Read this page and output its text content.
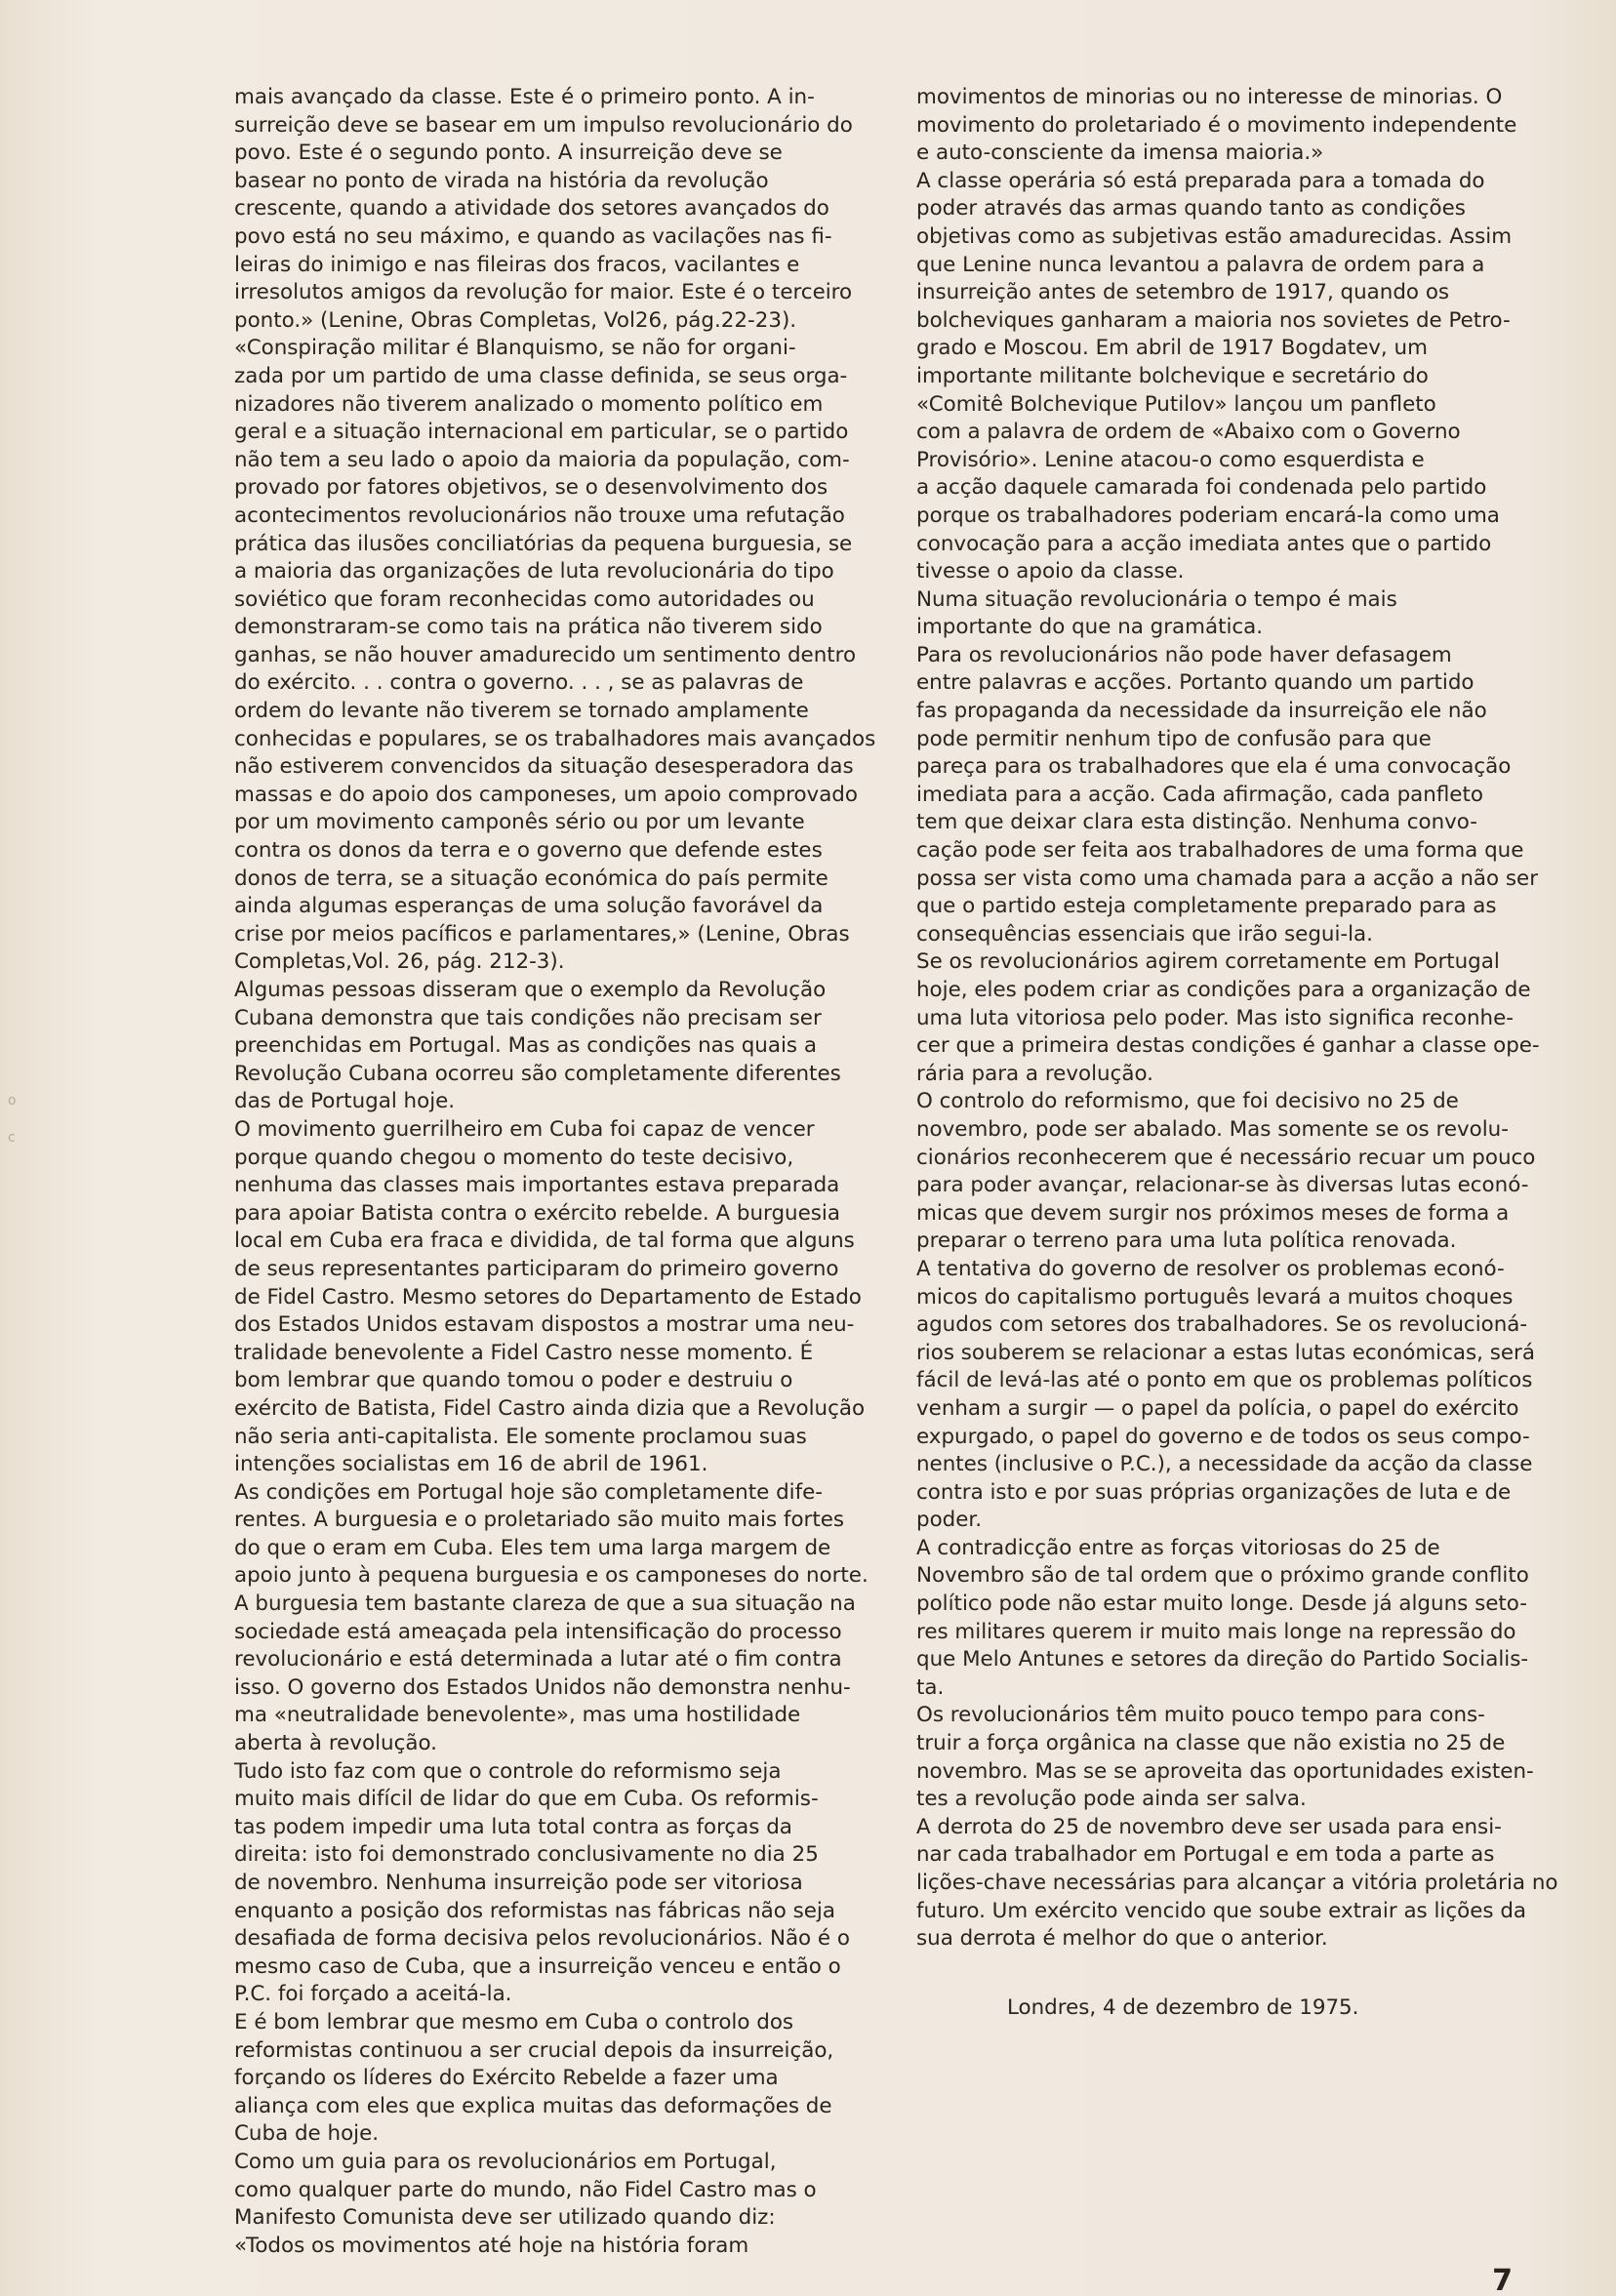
mais avançado da classe. Este é o primeiro ponto. A in-

surreição deve se basear em um impulso revolucionário do

povo. Este é o segundo ponto. A insurreição deve se

basear no ponto de virada na história da revolução

crescente, quando a atividade dos setores avançados do

povo está no seu máximo, e quando as vacilações nas fi-

leiras do inimigo e nas fileiras dos fracos, vacilantes e

irresolutos amigos da revolução for maior. Este é o terceiro

ponto.» (Lenine, Obras Completas, Vol26, pág.22-23).

«Conspiração militar é Blanquismo, se não for organi-

zada por um partido de uma classe definida, se seus orga-

nizadores não tiverem analizado o momento político em

geral e a situação internacional em particular, se o partido

não tem a seu lado o apoio da maioria da população, com-

provado por fatores objetivos, se o desenvolvimento dos

acontecimentos revolucionários não trouxe uma refutação

prática das ilusões conciliatórias da pequena burguesia, se

a maioria das organizações de luta revolucionária do tipo

soviético que foram reconhecidas como autoridades ou

demonstraram-se como tais na prática não tiverem sido

ganhas, se não houver amadurecido um sentimento dentro

do exército. . . contra o governo. . . , se as palavras de

ordem do levante não tiverem se tornado amplamente

conhecidas e populares, se os trabalhadores mais avançados

não estiverem convencidos da situação desesperadora das

massas e do apoio dos camponeses, um apoio comprovado

por um movimento camponês sério ou por um levante

contra os donos da terra e o governo que defende estes

donos de terra, se a situação económica do país permite

ainda algumas esperanças de uma solução favorável da

crise por meios pacíficos e parlamentares,» (Lenine, Obras

Completas,Vol. 26, pág. 212-3).

Algumas pessoas disseram que o exemplo da Revolução

Cubana demonstra que tais condições não precisam ser

preenchidas em Portugal. Mas as condições nas quais a

Revolução Cubana ocorreu são completamente diferentes

das de Portugal hoje.

O movimento guerrilheiro em Cuba foi capaz de vencer

porque quando chegou o momento do teste decisivo,

nenhuma das classes mais importantes estava preparada

para apoiar Batista contra o exército rebelde. A burguesia

local em Cuba era fraca e dividida, de tal forma que alguns

de seus representantes participaram do primeiro governo

de Fidel Castro. Mesmo setores do Departamento de Estado

dos Estados Unidos estavam dispostos a mostrar uma neu-

tralidade benevolente a Fidel Castro nesse momento. É

bom lembrar que quando tomou o poder e destruiu o

exército de Batista, Fidel Castro ainda dizia que a Revolução

não seria anti-capitalista. Ele somente proclamou suas

intenções socialistas em 16 de abril de 1961.

As condições em Portugal hoje são completamente dife-

rentes. A burguesia e o proletariado são muito mais fortes

do que o eram em Cuba. Eles tem uma larga margem de

apoio junto à pequena burguesia e os camponeses do norte.

A burguesia tem bastante clareza de que a sua situação na

sociedade está ameaçada pela intensificação do processo

revolucionário e está determinada a lutar até o fim contra

isso. O governo dos Estados Unidos não demonstra nenhu-

ma «neutralidade benevolente», mas uma hostilidade

aberta à revolução.

Tudo isto faz com que o controle do reformismo seja

muito mais difícil de lidar do que em Cuba. Os reformis-

tas podem impedir uma luta total contra as forças da

direita: isto foi demonstrado conclusivamente no dia 25

de novembro. Nenhuma insurreição pode ser vitoriosa

enquanto a posição dos reformistas nas fábricas não seja

desafiada de forma decisiva pelos revolucionários. Não é o

mesmo caso de Cuba, que a insurreição venceu e então o

P.C. foi forçado a aceitá-la.

E é bom lembrar que mesmo em Cuba o controlo dos

reformistas continuou a ser crucial depois da insurreição,

forçando os líderes do Exército Rebelde a fazer uma

aliança com eles que explica muitas das deformações de

Cuba de hoje.

Como um guia para os revolucionários em Portugal,

como qualquer parte do mundo, não Fidel Castro mas o

Manifesto Comunista deve ser utilizado quando diz:

«Todos os movimentos até hoje na história foram

movimentos de minorias ou no interesse de minorias. O

movimento do proletariado é o movimento independente

e auto-consciente da imensa maioria.»

A classe operária só está preparada para a tomada do

poder através das armas quando tanto as condições

objetivas como as subjetivas estão amadurecidas. Assim

que Lenine nunca levantou a palavra de ordem para a

insurreição antes de setembro de 1917, quando os

bolcheviques ganharam a maioria nos sovietes de Petro-

grado e Moscou. Em abril de 1917 Bogdatev, um

importante militante bolchevique e secretário do

«Comitê Bolchevique Putilov» lançou um panfleto

com a palavra de ordem de «Abaixo com o Governo

Provisório». Lenine atacou-o como esquerdista e

a acção daquele camarada foi condenada pelo partido

porque os trabalhadores poderiam encará-la como uma

convocação para a acção imediata antes que o partido

tivesse o apoio da classe.

Numa situação revolucionária o tempo é mais

importante do que na gramática.

Para os revolucionários não pode haver defasagem

entre palavras e acções. Portanto quando um partido

fas propaganda da necessidade da insurreição ele não

pode permitir nenhum tipo de confusão para que

pareça para os trabalhadores que ela é uma convocação

imediata para a acção. Cada afirmação, cada panfleto

tem que deixar clara esta distinção. Nenhuma convo-

cação pode ser feita aos trabalhadores de uma forma que

possa ser vista como uma chamada para a acção a não ser

que o partido esteja completamente preparado para as

consequências essenciais que irão segui-la.

Se os revolucionários agirem corretamente em Portugal

hoje, eles podem criar as condições para a organização de

uma luta vitoriosa pelo poder. Mas isto significa reconhe-

cer que a primeira destas condições é ganhar a classe ope-

rária para a revolução.

O controlo do reformismo, que foi decisivo no 25 de

novembro, pode ser abalado. Mas somente se os revolu-

cionários reconhecerem que é necessário recuar um pouco

para poder avançar, relacionar-se às diversas lutas econó-

micas que devem surgir nos próximos meses de forma a

preparar o terreno para uma luta política renovada.

A tentativa do governo de resolver os problemas econó-

micos do capitalismo português levará a muitos choques

agudos com setores dos trabalhadores. Se os revolucioná-

rios souberem se relacionar a estas lutas económicas, será

fácil de levá-las até o ponto em que os problemas políticos

venham a surgir — o papel da polícia, o papel do exército

expurgado, o papel do governo e de todos os seus compo-

nentes (inclusive o P.C.), a necessidade da acção da classe

contra isto e por suas próprias organizações de luta e de

poder.

A contradicção entre as forças vitoriosas do 25 de

Novembro são de tal ordem que o próximo grande conflito

político pode não estar muito longe. Desde já alguns seto-

res militares querem ir muito mais longe na repressão do

que Melo Antunes e setores da direção do Partido Socialis-

ta.

Os revolucionários têm muito pouco tempo para cons-

truir a força orgânica na classe que não existia no 25 de

novembro. Mas se se aproveita das oportunidades existen-

tes a revolução pode ainda ser salva.

A derrota do 25 de novembro deve ser usada para ensi-

nar cada trabalhador em Portugal e em toda a parte as

lições-chave necessárias para alcançar a vitória proletária no

futuro. Um exército vencido que soube extrair as lições da

sua derrota é melhor do que o anterior.

Londres, 4 de dezembro de 1975.

7
o
c
